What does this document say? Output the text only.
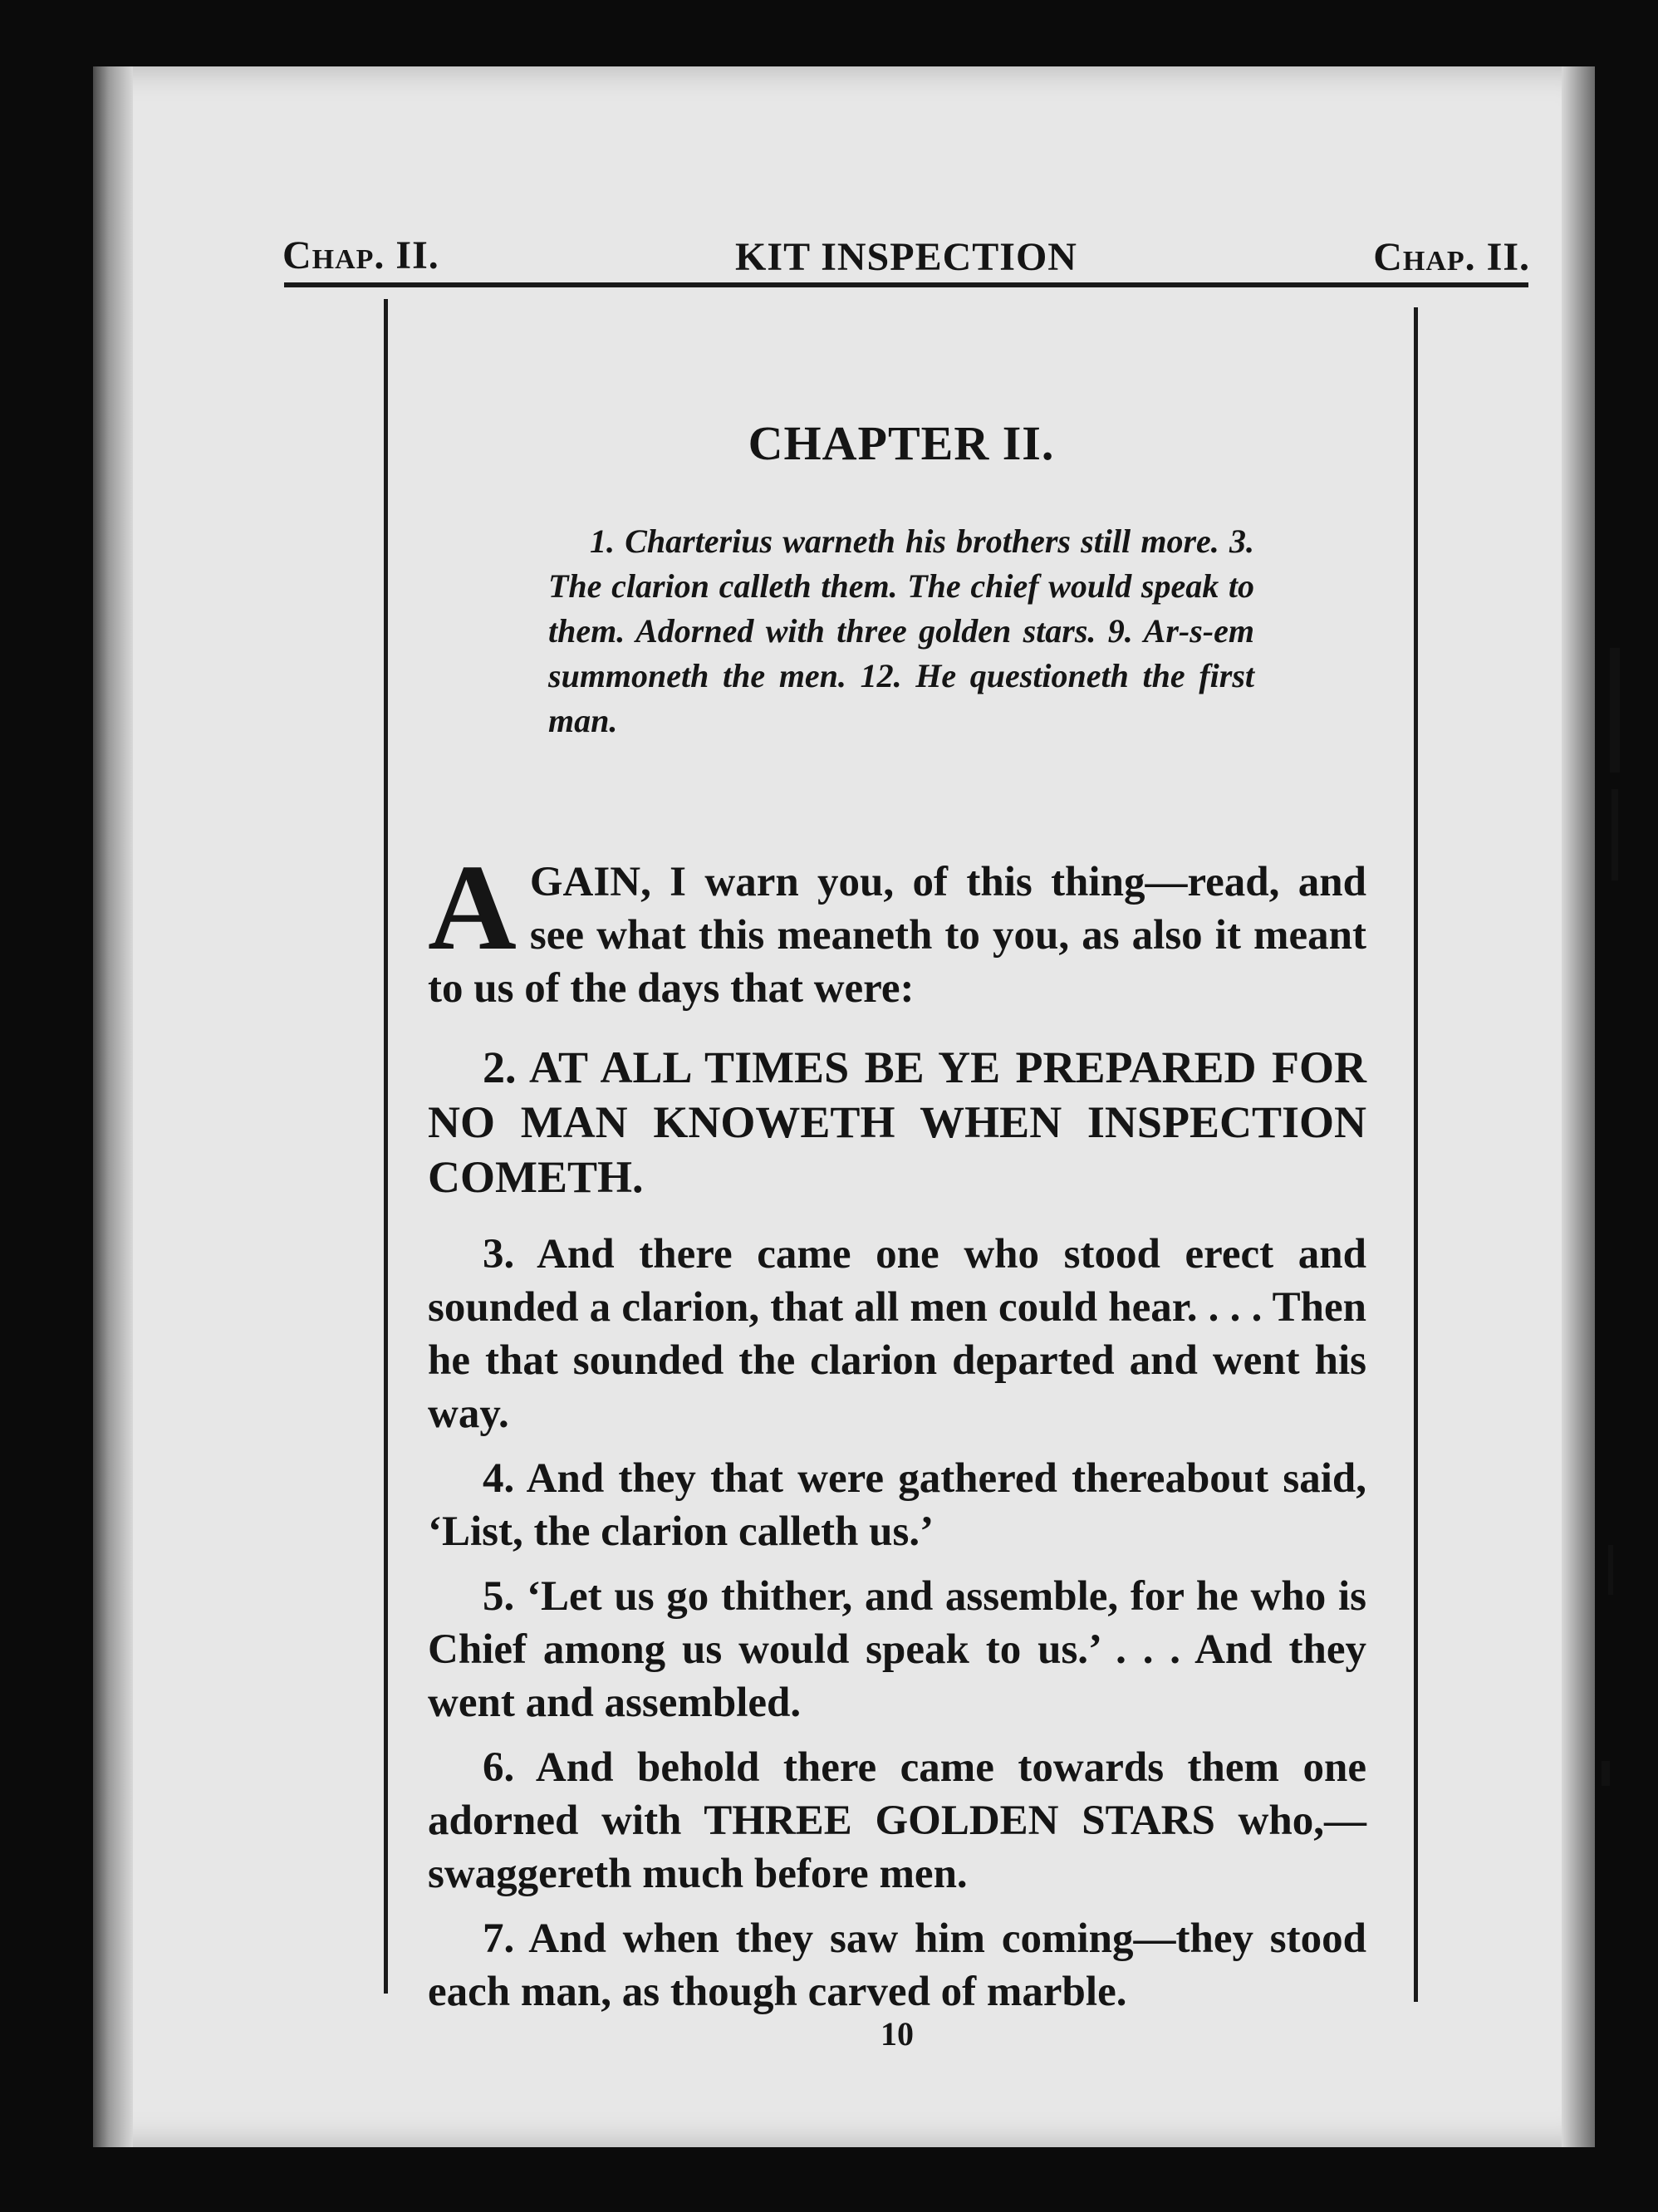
Chap. II.	KIT INSPECTION	Chap. II.
CHAPTER II.
1. Charterius warneth his brothers still more. 3. The clarion calleth them. The chief would speak to them. Adorned with three golden stars. 9. Ar-s-em summoneth the men. 12. He questioneth the first man.

A GAIN, I warn you, of this thing—read, and see what this meaneth to you, as also it meant to us of the days that were:

2. AT ALL TIMES BE YE PREPARED FOR NO MAN KNOWETH WHEN INSPECTION COMETH.

3. And there came one who stood erect and sounded a clarion, that all men could hear. . . . Then he that sounded the clarion departed and went his way.

4. And they that were gathered thereabout said, ‘List, the clarion calleth us.’

5. ‘Let us go thither, and assemble, for he who is Chief among us would speak to us.’ . . . And they went and assembled.

6. And behold there came towards them one adorned with THREE GOLDEN STARS who,—swaggereth much before men.

7. And when they saw him coming—they stood each man, as though carved of marble.

10
